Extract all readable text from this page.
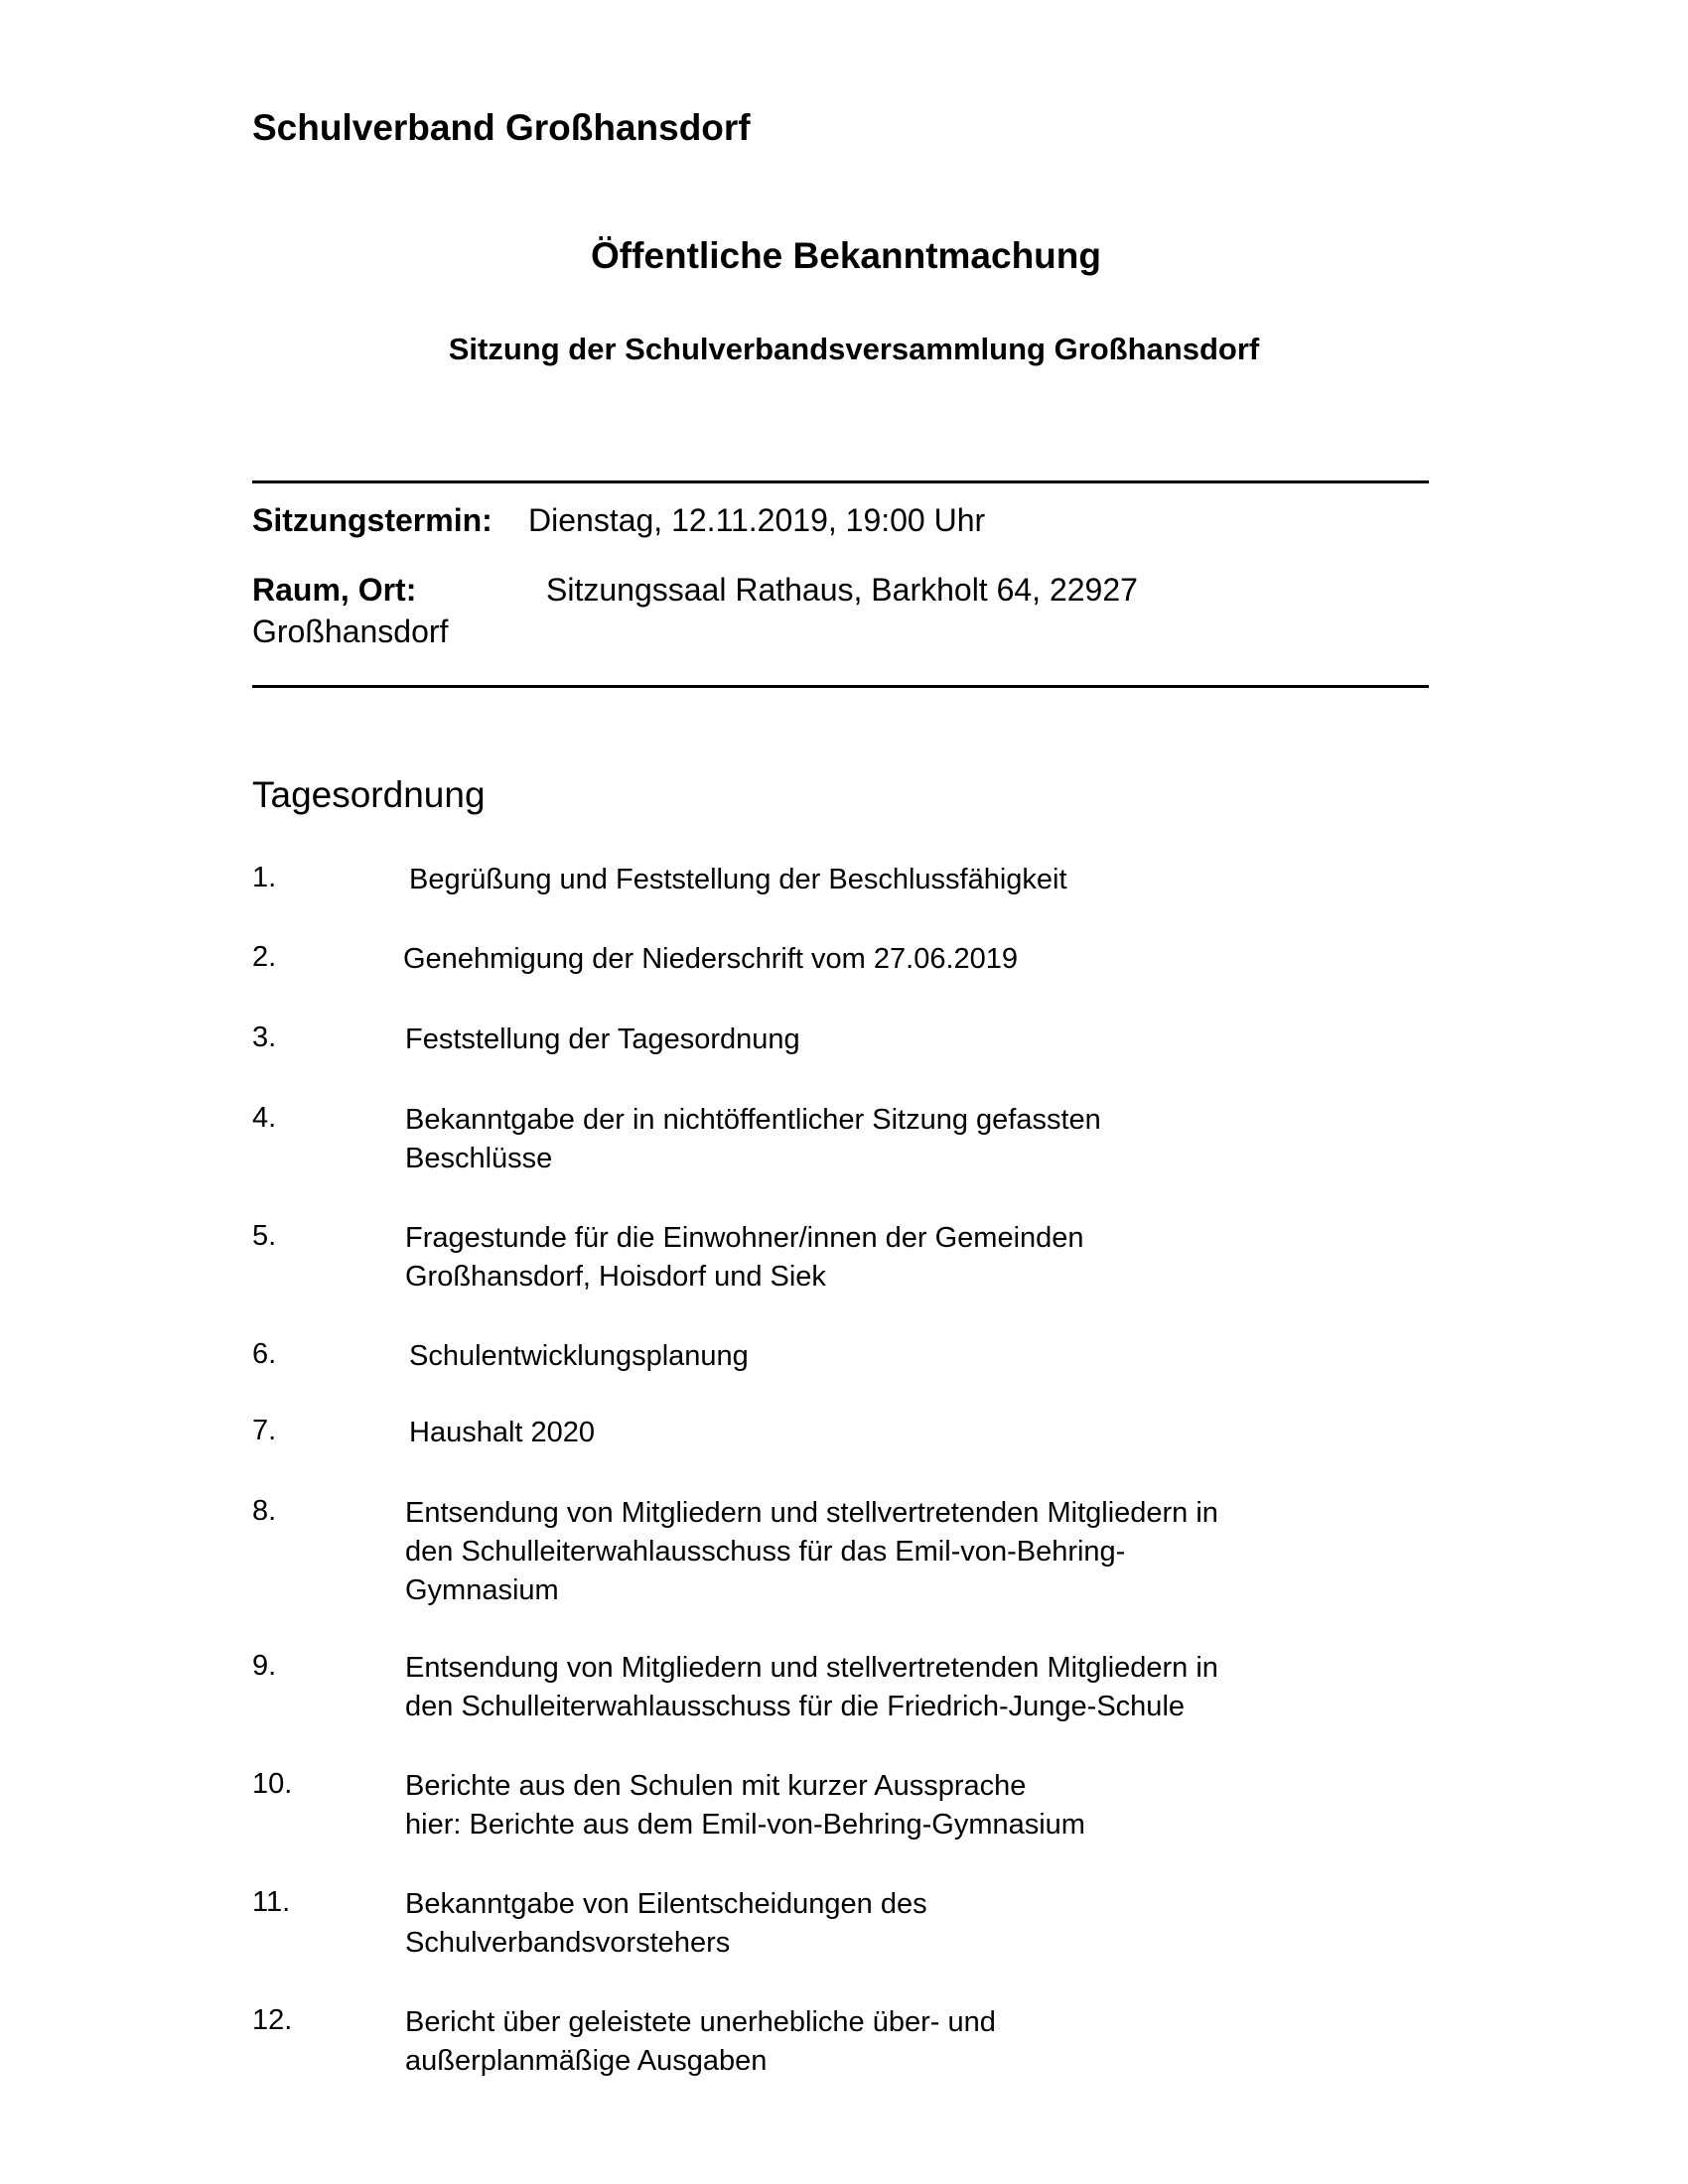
Schulverband Großhansdorf
Öffentliche Bekanntmachung
Sitzung der Schulverbandsversammlung Großhansdorf
Sitzungstermin: Dienstag, 12.11.2019, 19:00 Uhr
Raum, Ort:	Sitzungssaal Rathaus, Barkholt 64, 22927
Großhansdorf
Tagesordnung
1.	Begrüßung und Feststellung der Beschlussfähigkeit
2.	Genehmigung der Niederschrift vom 27.06.2019
3.	Feststellung der Tagesordnung
4.	Bekanntgabe der in nichtöffentlicher Sitzung gefassten
Beschlüsse
5.	Fragestunde für die Einwohner/innen der Gemeinden
Großhansdorf, Hoisdorf und Siek
6.	Schulentwicklungsplanung
7.	Haushalt 2020
8.	Entsendung von Mitgliedern und stellvertretenden Mitgliedern in
den Schulleiterwahlausschuss für das Emil-von-Behring-
Gymnasium
9.	Entsendung von Mitgliedern und stellvertretenden Mitgliedern in
den Schulleiterwahlausschuss für die Friedrich-Junge-Schule
10.	Berichte aus den Schulen mit kurzer Aussprache
hier: Berichte aus dem Emil-von-Behring-Gymnasium
11.	Bekanntgabe von Eilentscheidungen des
Schulverbandsvorstehers
12.	Bericht über geleistete unerhebliche über- und
außerplanmäßige Ausgaben
